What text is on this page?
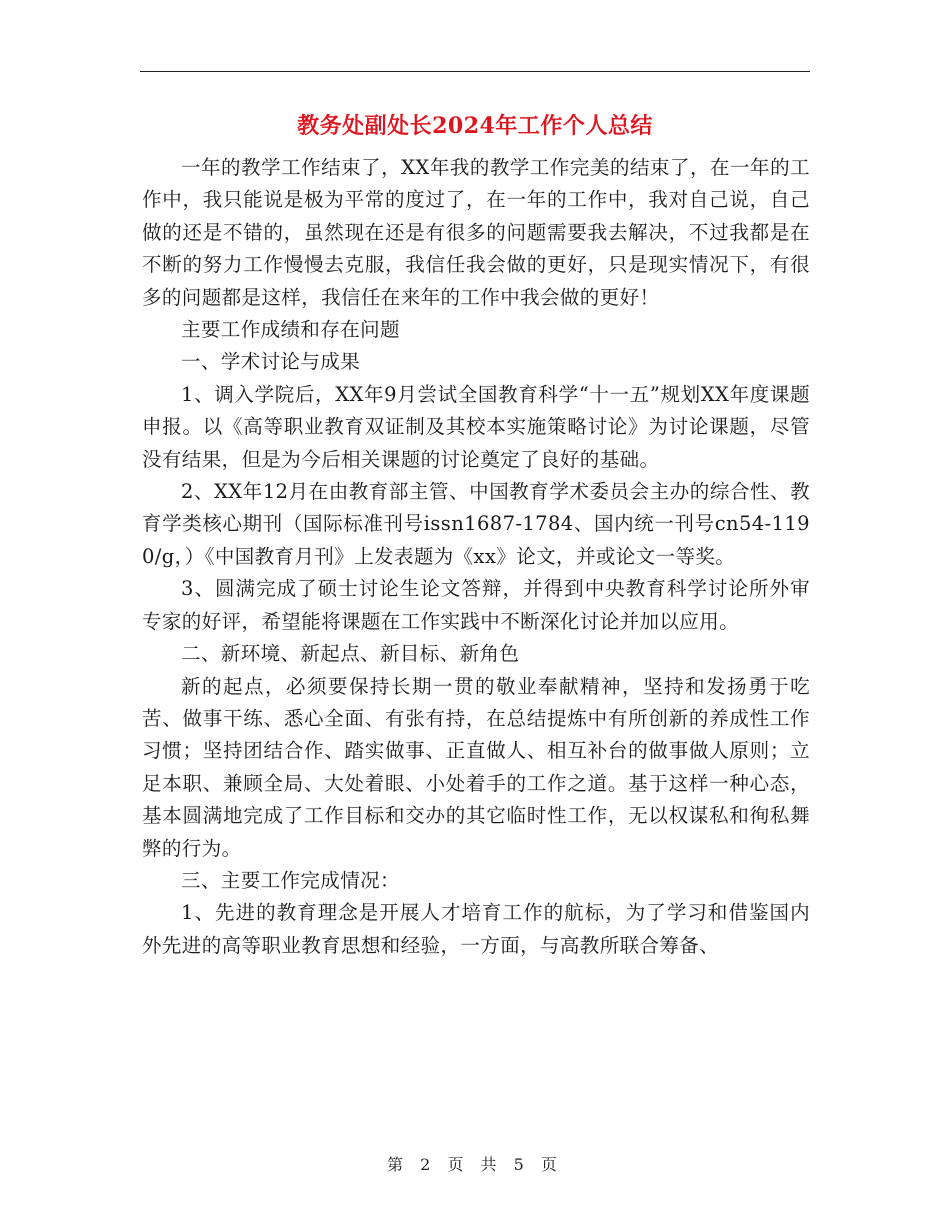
教务处副处长2024年工作个人总结

一年的教学工作结束了，XX年我的教学工作完美的结束了，在一年的工作中，我只能说是极为平常的度过了，在一年的工作中，我对自己说，自己做的还是不错的，虽然现在还是有很多的问题需要我去解决，不过我都是在不断的努力工作慢慢去克服，我信任我会做的更好，只是现实情况下，有很多的问题都是这样，我信任在来年的工作中我会做的更好！

主要工作成绩和存在问题

一、学术讨论与成果

1、调入学院后，XX年9月尝试全国教育科学“十一五”规划XX年度课题申报。以《高等职业教育双证制及其校本实施策略讨论》为讨论课题，尽管没有结果，但是为今后相关课题的讨论奠定了良好的基础。

2、XX年12月在由教育部主管、中国教育学术委员会主办的综合性、教育学类核心期刊（国际标准刊号issn1687-1784、国内统一刊号cn54-1190/g，）《中国教育月刊》上发表题为《xx》论文，并或论文一等奖。

3、圆满完成了硕士讨论生论文答辩，并得到中央教育科学讨论所外审专家的好评，希望能将课题在工作实践中不断深化讨论并加以应用。

二、新环境、新起点、新目标、新角色

新的起点，必须要保持长期一贯的敬业奉献精神，坚持和发扬勇于吃苦、做事干练、悉心全面、有张有持，在总结提炼中有所创新的养成性工作习惯；坚持团结合作、踏实做事、正直做人、相互补台的做事做人原则；立足本职、兼顾全局、大处着眼、小处着手的工作之道。基于这样一种心态，基本圆满地完成了工作目标和交办的其它临时性工作，无以权谋私和徇私舞弊的行为。

三、主要工作完成情况：

1、先进的教育理念是开展人才培育工作的航标，为了学习和借鉴国内外先进的高等职业教育思想和经验，一方面，与高教所联合筹备、

第 2 页 共 5 页
